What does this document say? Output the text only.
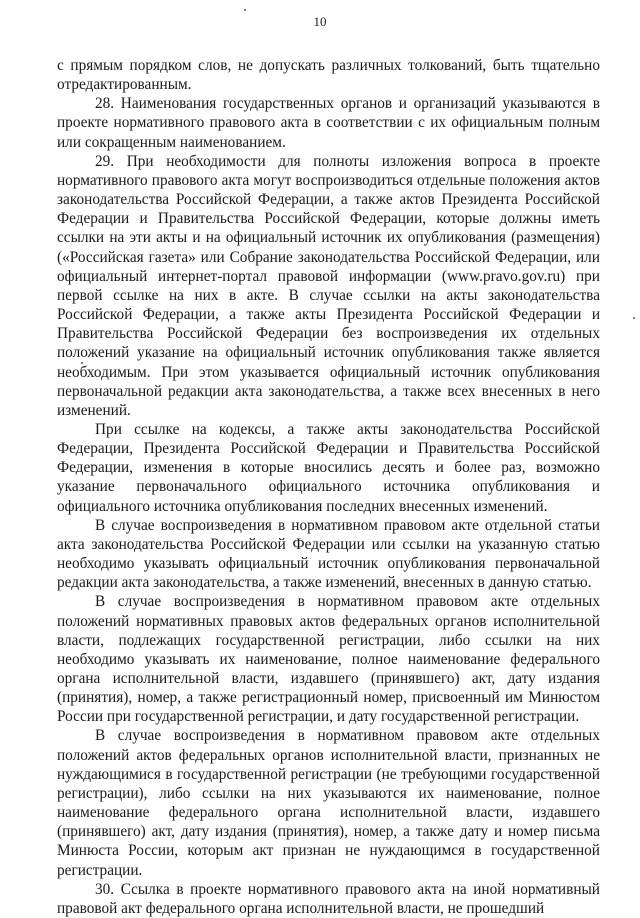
10

с прямым порядком слов, не допускать различных толкований, быть тщательно отредактированным.

28. Наименования государственных органов и организаций указываются в проекте нормативного правового акта в соответствии с их официальным полным или сокращенным наименованием.

29. При необходимости для полноты изложения вопроса в проекте нормативного правового акта могут воспроизводиться отдельные положения актов законодательства Российской Федерации, а также актов Президента Российской Федерации и Правительства Российской Федерации, которые должны иметь ссылки на эти акты и на официальный источник их опубликования (размещения) («Российская газета» или Собрание законодательства Российской Федерации, или официальный интернет-портал правовой информации (www.pravo.gov.ru) при первой ссылке на них в акте. В случае ссылки на акты законодательства Российской Федерации, а также акты Президента Российской Федерации и Правительства Российской Федерации без воспроизведения их отдельных положений указание на официальный источник опубликования также является необходимым. При этом указывается официальный источник опубликования первоначальной редакции акта законодательства, а также всех внесенных в него изменений.

При ссылке на кодексы, а также акты законодательства Российской Федерации, Президента Российской Федерации и Правительства Российской Федерации, изменения в которые вносились десять и более раз, возможно указание первоначального официального источника опубликования и официального источника опубликования последних внесенных изменений.

В случае воспроизведения в нормативном правовом акте отдельной статьи акта законодательства Российской Федерации или ссылки на указанную статью необходимо указывать официальный источник опубликования первоначальной редакции акта законодательства, а также изменений, внесенных в данную статью.

В случае воспроизведения в нормативном правовом акте отдельных положений нормативных правовых актов федеральных органов исполнительной власти, подлежащих государственной регистрации, либо ссылки на них необходимо указывать их наименование, полное наименование федерального органа исполнительной власти, издавшего (принявшего) акт, дату издания (принятия), номер, а также регистрационный номер, присвоенный им Минюстом России при государственной регистрации, и дату государственной регистрации.

В случае воспроизведения в нормативном правовом акте отдельных положений актов федеральных органов исполнительной власти, признанных не нуждающимися в государственной регистрации (не требующими государственной регистрации), либо ссылки на них указываются их наименование, полное наименование федерального органа исполнительной власти, издавшего (принявшего) акт, дату издания (принятия), номер, а также дату и номер письма Минюста России, которым акт признан не нуждающимся в государственной регистрации.

30. Ссылка в проекте нормативного правового акта на иной нормативный правовой акт федерального органа исполнительной власти, не прошедший
